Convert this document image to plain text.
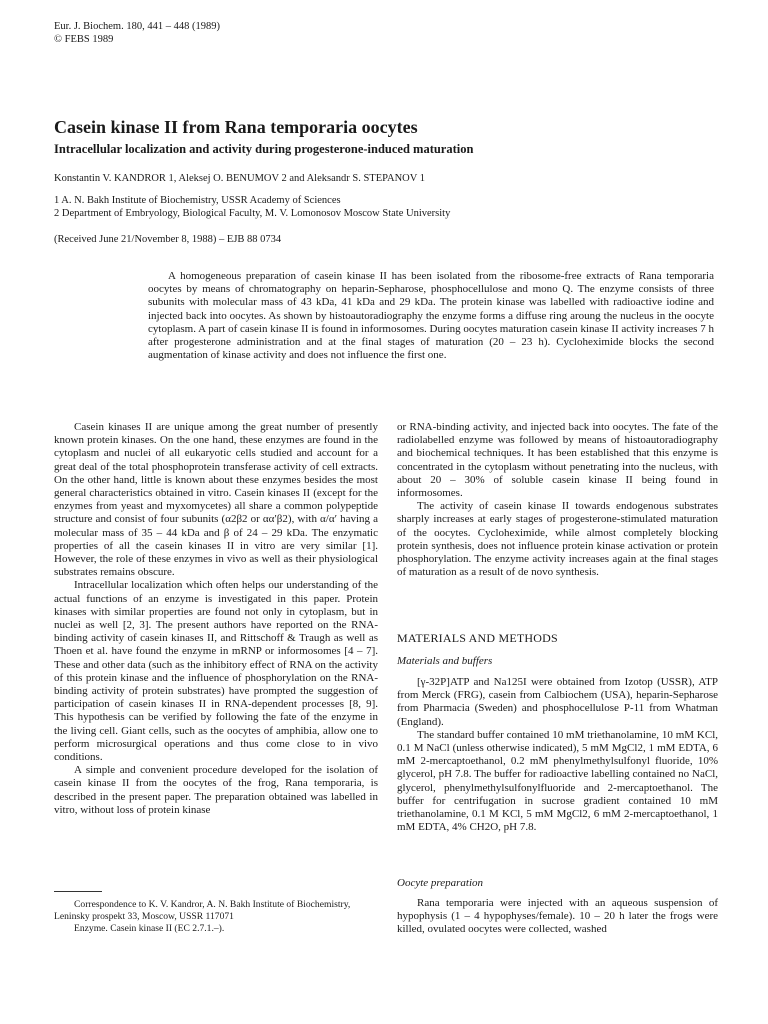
Eur. J. Biochem. 180, 441 – 448 (1989)
© FEBS 1989
Casein kinase II from Rana temporaria oocytes
Intracellular localization and activity during progesterone-induced maturation
Konstantin V. KANDROR 1, Aleksej O. BENUMOV 2 and Aleksandr S. STEPANOV 1
1 A. N. Bakh Institute of Biochemistry, USSR Academy of Sciences
2 Department of Embryology, Biological Faculty, M. V. Lomonosov Moscow State University
(Received June 21/November 8, 1988) – EJB 88 0734
A homogeneous preparation of casein kinase II has been isolated from the ribosome-free extracts of Rana temporaria oocytes by means of chromatography on heparin-Sepharose, phosphocellulose and mono Q. The enzyme consists of three subunits with molecular mass of 43 kDa, 41 kDa and 29 kDa. The protein kinase was labelled with radioactive iodine and injected back into oocytes. As shown by histoautoradiography the enzyme forms a diffuse ring aroung the nucleus in the oocyte cytoplasm. A part of casein kinase II is found in informosomes. During oocytes maturation casein kinase II activity increases 7 h after progesterone administration and at the final stages of maturation (20 – 23 h). Cycloheximide blocks the second augmentation of kinase activity and does not influence the first one.

Casein kinases II are unique among the great number of presently known protein kinases. On the one hand, these enzymes are found in the cytoplasm and nuclei of all eukaryotic cells studied and account for a great deal of the total phosphoprotein transferase activity of cell extracts. On the other hand, little is known about these enzymes besides the most general characteristics obtained in vitro. Casein kinases II (except for the enzymes from yeast and myxomycetes) all share a common polypeptide structure and consist of four subunits (α2β2 or αα′β2), with α/α′ having a molecular mass of 35 – 44 kDa and β of 24 – 29 kDa. The enzymatic properties of all the casein kinases II in vitro are very similar [1]. However, the role of these enzymes in vivo as well as their physiological substrates remains obscure.

Intracellular localization which often helps our understanding of the actual functions of an enzyme is investigated in this paper. Protein kinases with similar properties are found not only in cytoplasm, but in nuclei as well [2, 3]. The present authors have reported on the RNA-binding activity of casein kinases II, and Rittschoff & Traugh as well as Thoen et al. have found the enzyme in mRNP or informosomes [4 – 7]. These and other data (such as the inhibitory effect of RNA on the activity of this protein kinase and the influence of phosphorylation on the RNA-binding activity of protein substrates) have prompted the suggestion of participation of casein kinases II in RNA-dependent processes [8, 9]. This hypothesis can be verified by following the fate of the enzyme in the living cell. Giant cells, such as the oocytes of amphibia, allow one to perform microsurgical operations and thus come close to in vivo conditions.

A simple and convenient procedure developed for the isolation of casein kinase II from the oocytes of the frog, Rana temporaria, is described in the present paper. The preparation obtained was labelled in vitro, without loss of protein kinase

Correspondence to K. V. Kandror, A. N. Bakh Institute of Biochemistry, Leninsky prospekt 33, Moscow, USSR 117071
Enzyme. Casein kinase II (EC 2.7.1.–).

or RNA-binding activity, and injected back into oocytes. The fate of the radiolabelled enzyme was followed by means of histoautoradiography and biochemical techniques. It has been established that this enzyme is concentrated in the cytoplasm without penetrating into the nucleus, with about 20 – 30% of soluble casein kinase II being found in informosomes.

The activity of casein kinase II towards endogenous substrates sharply increases at early stages of progesterone-stimulated maturation of the oocytes. Cycloheximide, while almost completely blocking protein synthesis, does not influence protein kinase activation or protein phosphorylation. The enzyme activity increases again at the final stages of maturation as a result of de novo synthesis.

MATERIALS AND METHODS
Materials and buffers

[γ-32P]ATP and Na125I were obtained from Izotop (USSR), ATP from Merck (FRG), casein from Calbiochem (USA), heparin-Sepharose from Pharmacia (Sweden) and phosphocellulose P-11 from Whatman (England).

The standard buffer contained 10 mM triethanolamine, 10 mM KCl, 0.1 M NaCl (unless otherwise indicated), 5 mM MgCl2, 1 mM EDTA, 6 mM 2-mercaptoethanol, 0.2 mM phenylmethylsulfonyl fluoride, 10% glycerol, pH 7.8. The buffer for radioactive labelling contained no NaCl, glycerol, phenylmethylsulfonylfluoride and 2-mercaptoethanol. The buffer for centrifugation in sucrose gradient contained 10 mM triethanolamine, 0.1 M KCl, 5 mM MgCl2, 6 mM 2-mercaptoethanol, 1 mM EDTA, 4% CH2O, pH 7.8.

Oocyte preparation

Rana temporaria were injected with an aqueous suspension of hypophysis (1 – 4 hypophyses/female). 10 – 20 h later the frogs were killed, ovulated oocytes were collected, washed
